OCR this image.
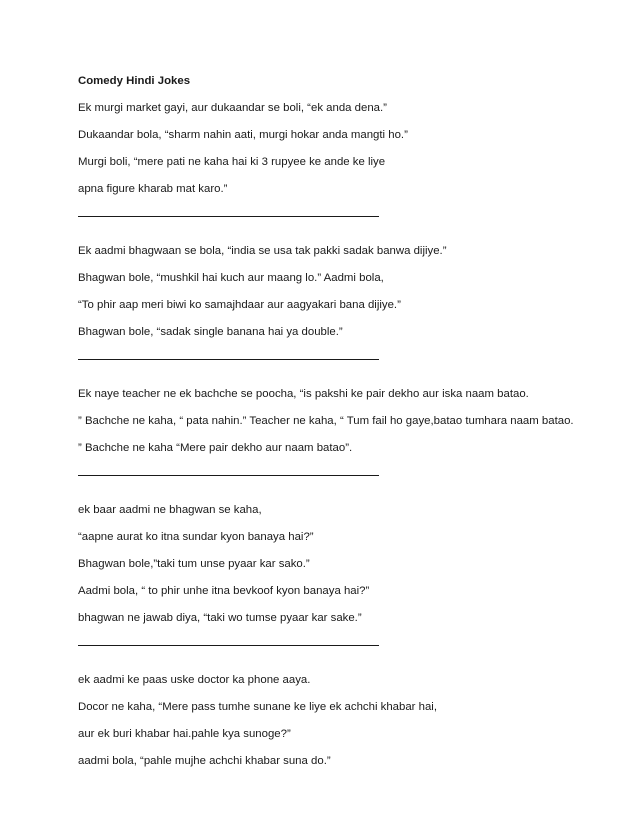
Comedy Hindi Jokes
Ek murgi market gayi, aur dukaandar se boli, “ek anda dena.”
Dukaandar bola, “sharm nahin aati, murgi hokar anda mangti ho.”
Murgi boli, “mere pati ne kaha hai ki 3 rupyee ke ande ke liye
apna figure kharab mat karo.”
Ek aadmi bhagwaan se bola, “india se usa tak pakki sadak banwa dijiye.”
Bhagwan bole, “mushkil hai kuch aur maang lo.” Aadmi bola,
“To phir aap meri biwi ko samajhdaar aur aagyakari bana dijiye.”
Bhagwan bole, “sadak single banana hai ya double.”
Ek naye teacher ne ek bachche se poocha, “is pakshi ke pair dekho aur iska naam batao.
” Bachche ne kaha, “ pata nahin.” Teacher ne kaha, “ Tum fail ho gaye,batao tumhara naam batao.
” Bachche ne kaha “Mere pair dekho aur naam batao”.
ek baar aadmi ne bhagwan se kaha,
“aapne aurat ko itna sundar kyon banaya hai?”
Bhagwan bole,”taki tum unse pyaar kar sako.”
Aadmi bola, “ to phir unhe itna bevkoof kyon banaya hai?”
bhagwan ne jawab diya, “taki wo tumse pyaar kar sake.”
ek aadmi ke paas uske doctor ka phone aaya.
Docor ne kaha, “Mere pass tumhe sunane ke liye ek achchi khabar hai,
aur ek buri khabar hai.pahle kya sunoge?”
aadmi bola, “pahle mujhe achchi khabar suna do.”
